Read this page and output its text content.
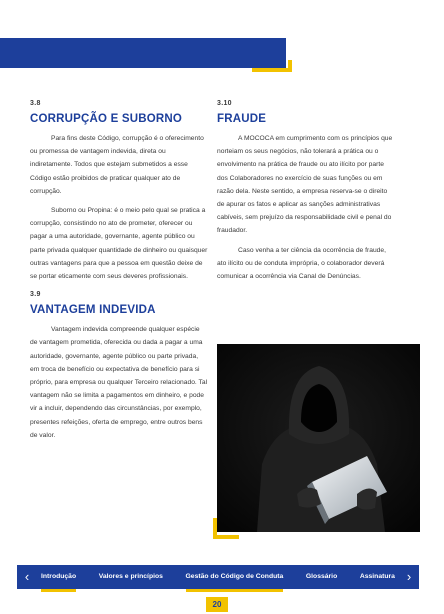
3.8
CORRUPÇÃO E SUBORNO

Para fins deste Código, corrupção é o oferecimento ou promessa de vantagem indevida, direta ou indiretamente. Todos que estejam submetidos a esse Código estão proibidos de praticar qualquer ato de corrupção.

Suborno ou Propina: é o meio pelo qual se pratica a corrupção, consistindo no ato de prometer, oferecer ou pagar a uma autoridade, governante, agente público ou parte privada qualquer quantidade de dinheiro ou quaisquer outras vantagens para que a pessoa em questão deixe de se portar eticamente com seus deveres profissionais.

3.9
VANTAGEM INDEVIDA

Vantagem indevida compreende qualquer espécie de vantagem prometida, oferecida ou dada a pagar a uma autoridade, governante, agente público ou parte privada, em troca de benefício ou expectativa de benefício para si próprio, para empresa ou qualquer Terceiro relacionado. Tal vantagem não se limita a pagamentos em dinheiro, e pode vir a incluir, dependendo das circunstâncias, por exemplo, presentes refeições, oferta de emprego, entre outros bens de valor.

3.10
FRAUDE

A MOCOCA em cumprimento com os princípios que norteiam os seus negócios, não tolerará a prática ou o envolvimento na prática de fraude ou ato ilícito por parte dos Colaboradores no exercício de suas funções ou em razão dela. Neste sentido, a empresa reserva-se o direito de apurar os fatos e aplicar as sanções administrativas cabíveis, sem prejuízo da responsabilidade civil e penal do fraudador.

Caso venha a ter ciência da ocorrência de fraude, ato ilícito ou de conduta imprópria, o colaborador deverá comunicar a ocorrência via Canal de Denúncias.

‹	Introdução	Valores e princípios	Gestão do Código de Conduta	Glossário	Assinatura ›
20
